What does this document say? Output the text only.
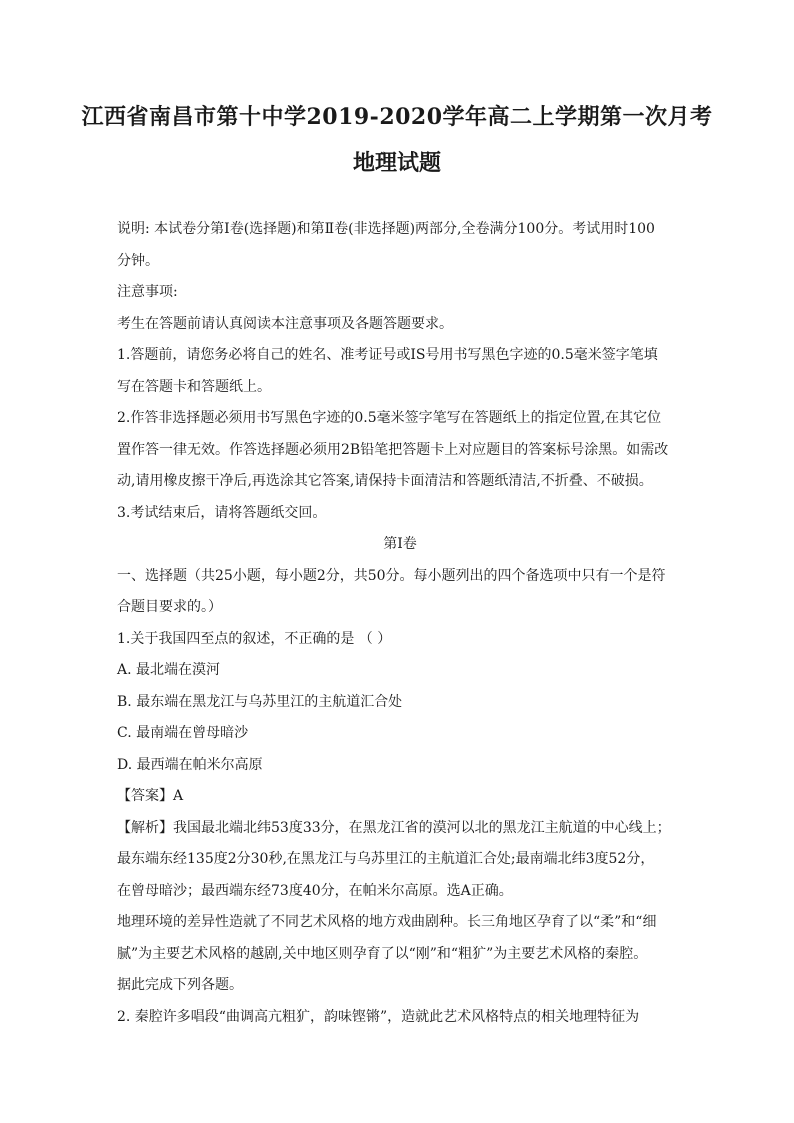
江西省南昌市第十中学2019-2020学年高二上学期第一次月考
地理试题

说明: 本试卷分第Ⅰ卷(选择题)和第Ⅱ卷(非选择题)两部分,全卷满分100分。考试用时100

分钟。

注意事项:

考生在答题前请认真阅读本注意事项及各题答题要求。

1.答题前，请您务必将自己的姓名、准考证号或IS号用书写黑色字迹的0.5毫米签字笔填

写在答题卡和答题纸上。

2.作答非选择题必须用书写黑色字迹的0.5毫米签字笔写在答题纸上的指定位置,在其它位

置作答一律无效。作答选择题必须用2B铅笔把答题卡上对应题目的答案标号涂黑。如需改

动,请用橡皮擦干净后,再选涂其它答案,请保持卡面清洁和答题纸清洁,不折叠、不破损。

3.考试结束后，请将答题纸交回。

第Ⅰ卷

一、选择题（共25小题，每小题2分，共50分。每小题列出的四个备选项中只有一个是符

合题目要求的。）

1.关于我国四至点的叙述，不正确的是 （ ）

A. 最北端在漠河

B. 最东端在黑龙江与乌苏里江的主航道汇合处

C. 最南端在曾母暗沙

D. 最西端在帕米尔高原

【答案】A

【解析】我国最北端北纬53度33分，在黑龙江省的漠河以北的黑龙江主航道的中心线上；

最东端东经135度2分30秒,在黑龙江与乌苏里江的主航道汇合处;最南端北纬3度52分，

在曾母暗沙；最西端东经73度40分，在帕米尔高原。选A正确。

地理环境的差异性造就了不同艺术风格的地方戏曲剧种。长三角地区孕育了以“柔”和“细

腻”为主要艺术风格的越剧,关中地区则孕育了以“刚”和“粗犷”为主要艺术风格的秦腔。

据此完成下列各题。

2. 秦腔许多唱段“曲调高亢粗犷，韵味铿锵”，造就此艺术风格特点的相关地理特征为
